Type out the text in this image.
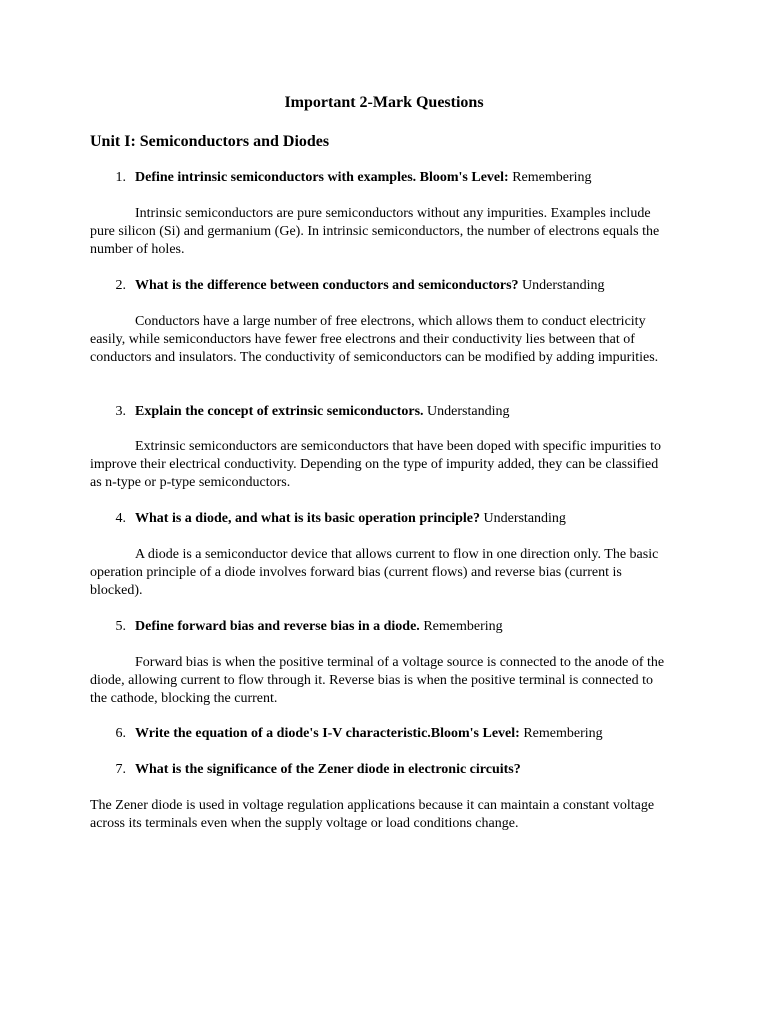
Important 2-Mark Questions
Unit I: Semiconductors and Diodes
1. Define intrinsic semiconductors with examples. Bloom's Level: Remembering

Intrinsic semiconductors are pure semiconductors without any impurities. Examples include pure silicon (Si) and germanium (Ge). In intrinsic semiconductors, the number of electrons equals the number of holes.

2. What is the difference between conductors and semiconductors? Understanding

Conductors have a large number of free electrons, which allows them to conduct electricity easily, while semiconductors have fewer free electrons and their conductivity lies between that of conductors and insulators. The conductivity of semiconductors can be modified by adding impurities.

3. Explain the concept of extrinsic semiconductors. Understanding

Extrinsic semiconductors are semiconductors that have been doped with specific impurities to improve their electrical conductivity. Depending on the type of impurity added, they can be classified as n-type or p-type semiconductors.

4. What is a diode, and what is its basic operation principle? Understanding

A diode is a semiconductor device that allows current to flow in one direction only. The basic operation principle of a diode involves forward bias (current flows) and reverse bias (current is blocked).

5. Define forward bias and reverse bias in a diode. Remembering

Forward bias is when the positive terminal of a voltage source is connected to the anode of the diode, allowing current to flow through it. Reverse bias is when the positive terminal is connected to the cathode, blocking the current.

6. Write the equation of a diode's I-V characteristic.Bloom's Level: Remembering
7. What is the significance of the Zener diode in electronic circuits?

The Zener diode is used in voltage regulation applications because it can maintain a constant voltage across its terminals even when the supply voltage or load conditions change.
